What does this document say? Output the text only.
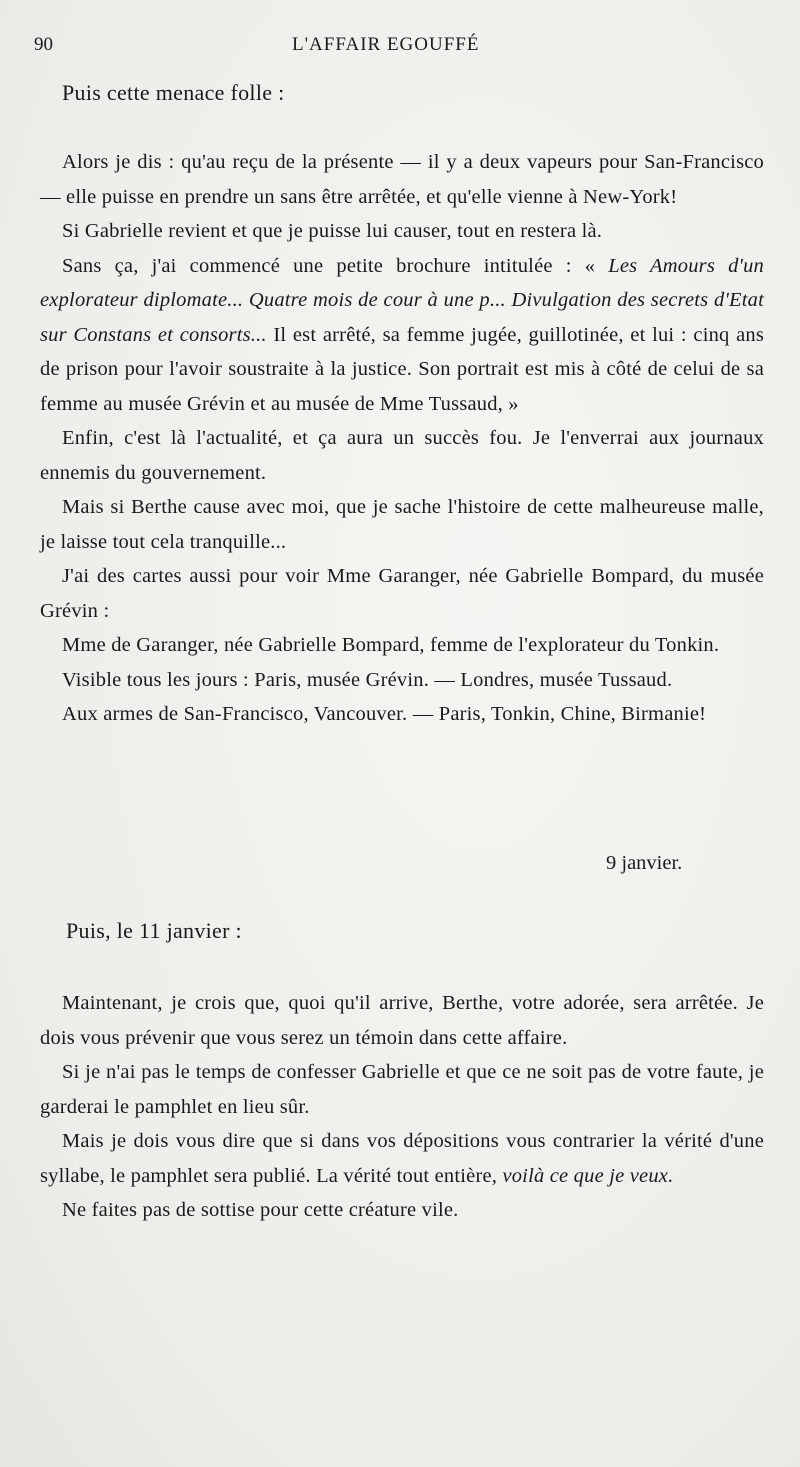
90	L'AFFAIR EGOUFFÉ
Puis cette menace folle :

Alors je dis : qu'au reçu de la présente — il y a deux vapeurs pour San-Francisco — elle puisse en prendre un sans être arrêtée, et qu'elle vienne à New-York!

Si Gabrielle revient et que je puisse lui causer, tout en restera là.

Sans ça, j'ai commencé une petite brochure intitulée : « Les Amours d'un explorateur diplomate... Quatre mois de cour à une p... Divulgation des secrets d'Etat sur Constans et consorts... Il est arrêté, sa femme jugée, guillotinée, et lui : cinq ans de prison pour l'avoir soustraite à la justice. Son portrait est mis à côté de celui de sa femme au musée Grévin et au musée de Mme Tussaud, »

Enfin, c'est là l'actualité, et ça aura un succès fou. Je l'enverrai aux journaux ennemis du gouvernement.

Mais si Berthe cause avec moi, que je sache l'histoire de cette malheureuse malle, je laisse tout cela tranquille...

J'ai des cartes aussi pour voir Mme Garanger, née Gabrielle Bompard, du musée Grévin :

Mme de Garanger, née Gabrielle Bompard, femme de l'explorateur du Tonkin.

Visible tous les jours : Paris, musée Grévin. — Londres, musée Tussaud.

Aux armes de San-Francisco, Vancouver. — Paris, Tonkin, Chine, Birmanie!

9 janvier.
Puis, le 11 janvier :

Maintenant, je crois que, quoi qu'il arrive, Berthe, votre adorée, sera arrêtée. Je dois vous prévenir que vous serez un témoin dans cette affaire.

Si je n'ai pas le temps de confesser Gabrielle et que ce ne soit pas de votre faute, je garderai le pamphlet en lieu sûr.

Mais je dois vous dire que si dans vos dépositions vous contrarier la vérité d'une syllabe, le pamphlet sera publié. La vérité tout entière, voilà ce que je veux.

Ne faites pas de sottise pour cette créature vile.
